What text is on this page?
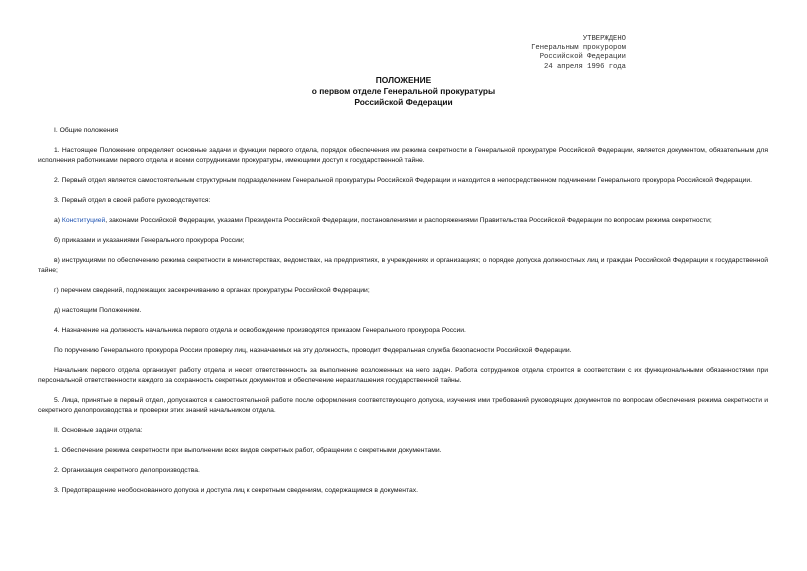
УТВЕРЖДЕНО
Генеральным прокурором
Российской Федерации
24 апреля 1996 года
ПОЛОЖЕНИЕ
о первом отделе Генеральной прокуратуры
Российской Федерации

I. Общие положения

1. Настоящее Положение определяет основные задачи и функции первого отдела, порядок обеспечения им режима секретности в Генеральной прокуратуре Российской Федерации, является документом, обязательным для исполнения работниками первого отдела и всеми сотрудниками прокуратуры, имеющими доступ к государственной тайне.

2. Первый отдел является самостоятельным структурным подразделением Генеральной прокуратуры Российской Федерации и находится в непосредственном подчинении Генерального прокурора Российской Федерации.

3. Первый отдел в своей работе руководствуется:

а) Конституцией, законами Российской Федерации, указами Президента Российской Федерации, постановлениями и распоряжениями Правительства Российской Федерации по вопросам режима секретности;

б) приказами и указаниями Генерального прокурора России;

в) инструкциями по обеспечению режима секретности в министерствах, ведомствах, на предприятиях, в учреждениях и организациях; о порядке допуска должностных лиц и граждан Российской Федерации к государственной тайне;

г) перечнем сведений, подлежащих засекречиванию в органах прокуратуры Российской Федерации;

д) настоящим Положением.

4. Назначение на должность начальника первого отдела и освобождение производятся приказом Генерального прокурора России.

По поручению Генерального прокурора России проверку лиц, назначаемых на эту должность, проводит Федеральная служба безопасности Российской Федерации.

Начальник первого отдела организует работу отдела и несет ответственность за выполнение возложенных на него задач. Работа сотрудников отдела строится в соответствии с их функциональными обязанностями при персональной ответственности каждого за сохранность секретных документов и обеспечение неразглашения государственной тайны.

5. Лица, принятые в первый отдел, допускаются к самостоятельной работе после оформления соответствующего допуска, изучения ими требований руководящих документов по вопросам обеспечения режима секретности и секретного делопроизводства и проверки этих знаний начальником отдела.

II. Основные задачи отдела:

1. Обеспечение режима секретности при выполнении всех видов секретных работ, обращении с секретными документами.

2. Организация секретного делопроизводства.

3. Предотвращение необоснованного допуска и доступа лиц к секретным сведениям, содержащимся в документах.
